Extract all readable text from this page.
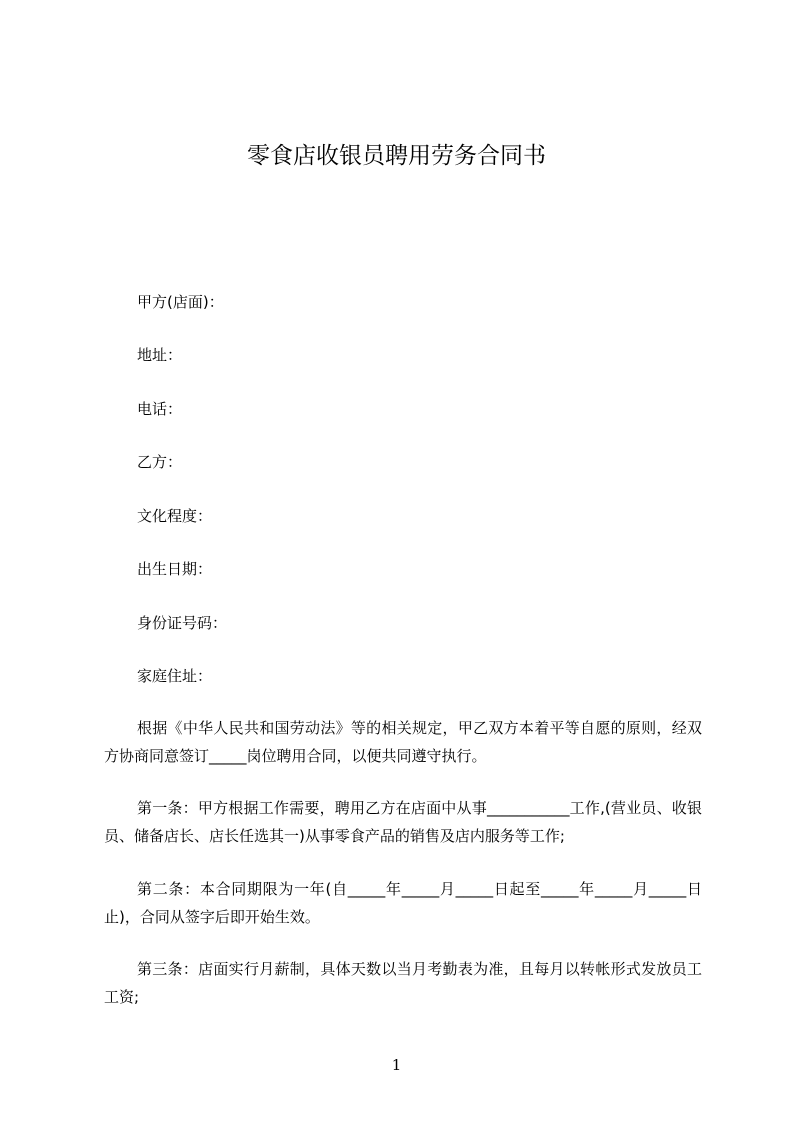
零食店收银员聘用劳务合同书
甲方(店面)：
地址：
电话：
乙方：
文化程度：
出生日期：
身份证号码：
家庭住址：
根据《中华人民共和国劳动法》等的相关规定，甲乙双方本着平等自愿的原则，经双方协商同意签订_____岗位聘用合同，以便共同遵守执行。
第一条：甲方根据工作需要，聘用乙方在店面中从事___________工作,(营业员、收银员、储备店长、店长任选其一)从事零食产品的销售及店内服务等工作;
第二条：本合同期限为一年(自_____年_____月_____日起至_____年_____月_____日止)，合同从签字后即开始生效。
第三条：店面实行月薪制，具体天数以当月考勤表为准，且每月以转帐形式发放员工工资;
1
